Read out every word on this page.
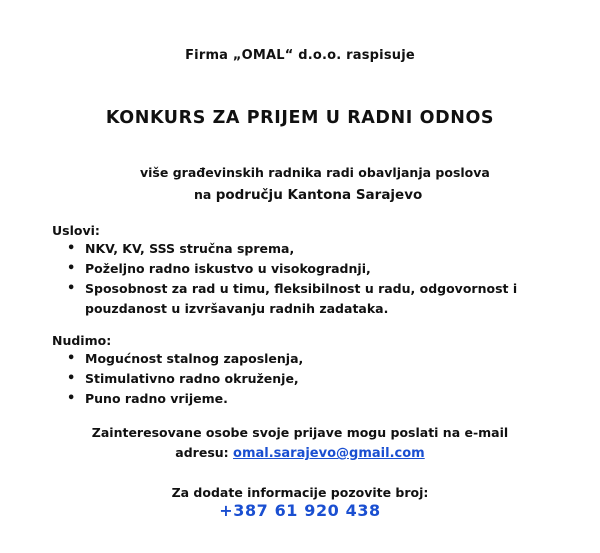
Firma „OMAL“ d.o.o. raspisuje
KONKURS ZA PRIJEM U RADNI ODNOS
više građevinskih radnika radi obavljanja poslova
na području Kantona Sarajevo
Uslovi:
• NKV, KV, SSS stručna sprema,
• Poželjno radno iskustvo u visokogradnji,
• Sposobnost za rad u timu, fleksibilnost u radu, odgovornost i pouzdanost u izvršavanju radnih zadataka.
Nudimo:
• Mogućnost stalnog zaposlenja,
• Stimulativno radno okruženje,
• Puno radno vrijeme.
Zainteresovane osobe svoje prijave mogu poslati na e-mail
adresu: omal.sarajevo@gmail.com
Za dodate informacije pozovite broj:
+387 61 920 438
